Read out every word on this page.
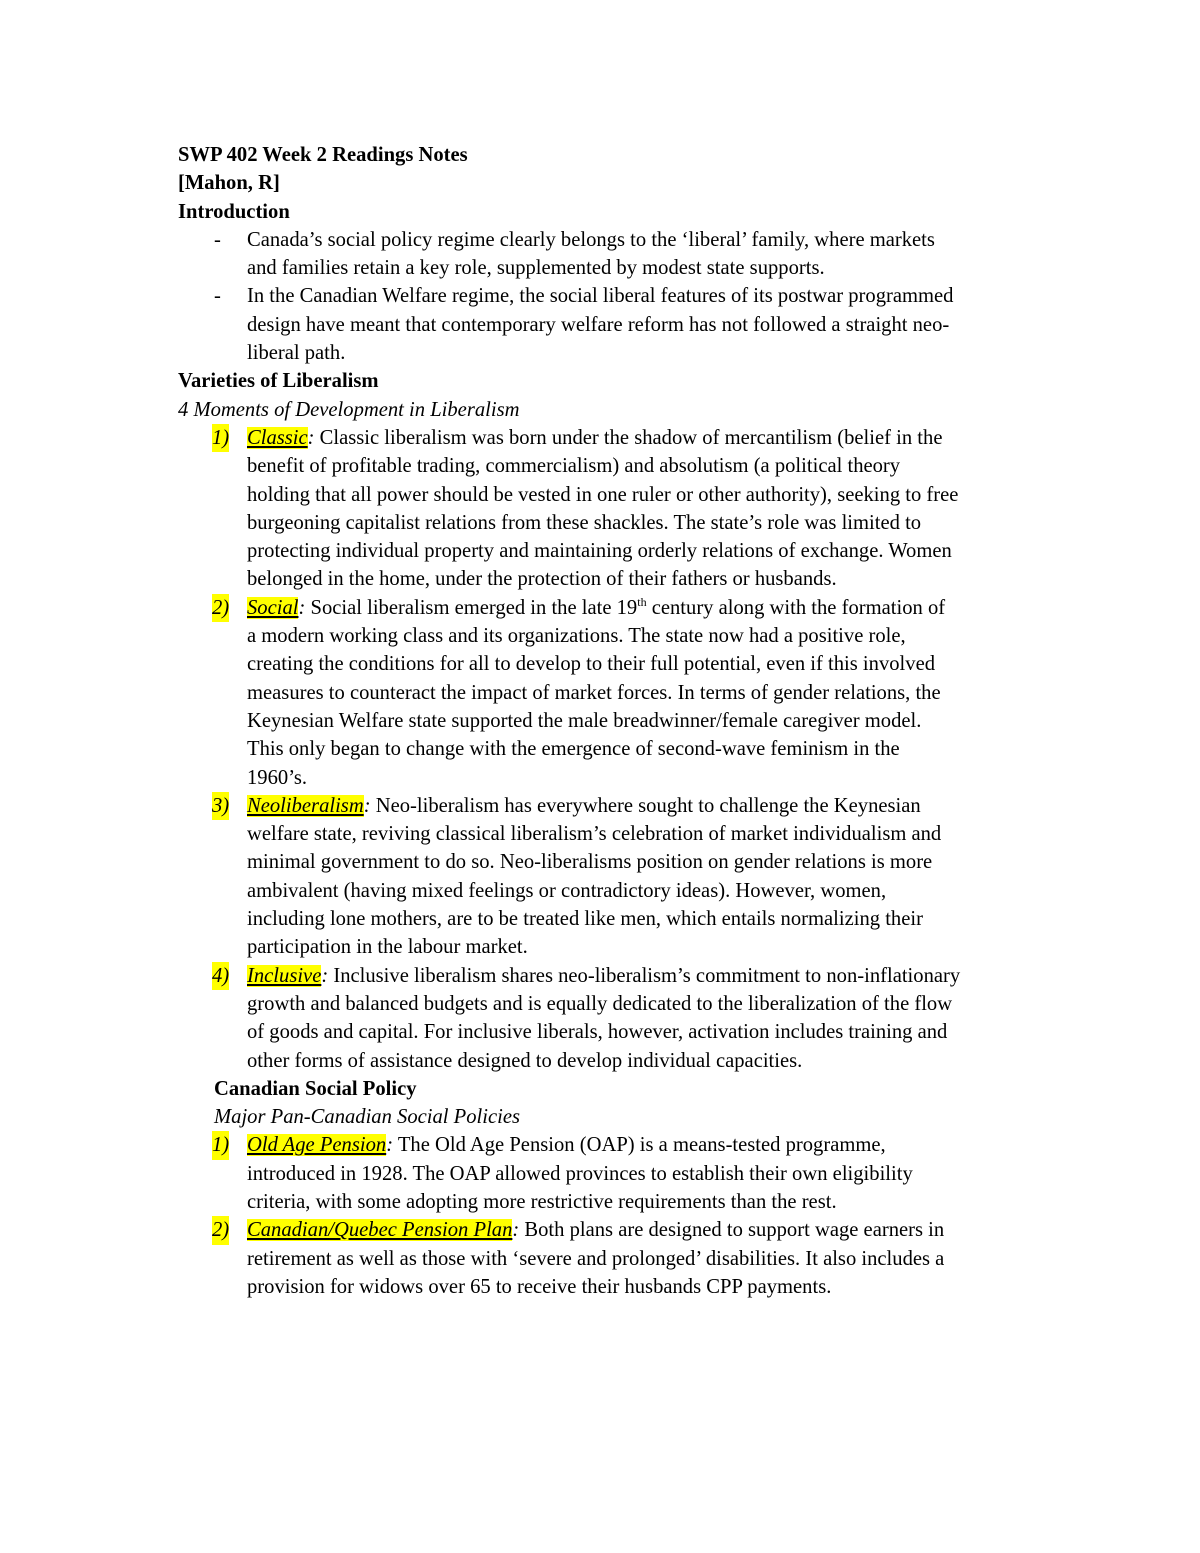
SWP 402 Week 2 Readings Notes
[Mahon, R]
Introduction
- Canada’s social policy regime clearly belongs to the ‘liberal’ family, where markets
and families retain a key role, supplemented by modest state supports.
- In the Canadian Welfare regime, the social liberal features of its postwar programmed
design have meant that contemporary welfare reform has not followed a straight neo-
liberal path.
Varieties of Liberalism
4 Moments of Development in Liberalism
1) Classic: Classic liberalism was born under the shadow of mercantilism (belief in the
benefit of profitable trading, commercialism) and absolutism (a political theory
holding that all power should be vested in one ruler or other authority), seeking to free
burgeoning capitalist relations from these shackles. The state’s role was limited to
protecting individual property and maintaining orderly relations of exchange. Women
belonged in the home, under the protection of their fathers or husbands.
2) Social: Social liberalism emerged in the late 19th century along with the formation of
a modern working class and its organizations. The state now had a positive role,
creating the conditions for all to develop to their full potential, even if this involved
measures to counteract the impact of market forces. In terms of gender relations, the
Keynesian Welfare state supported the male breadwinner/female caregiver model.
This only began to change with the emergence of second-wave feminism in the
1960’s.
3) Neoliberalism: Neo-liberalism has everywhere sought to challenge the Keynesian
welfare state, reviving classical liberalism’s celebration of market individualism and
minimal government to do so. Neo-liberalisms position on gender relations is more
ambivalent (having mixed feelings or contradictory ideas). However, women,
including lone mothers, are to be treated like men, which entails normalizing their
participation in the labour market.
4) Inclusive: Inclusive liberalism shares neo-liberalism’s commitment to non-inflationary
growth and balanced budgets and is equally dedicated to the liberalization of the flow
of goods and capital. For inclusive liberals, however, activation includes training and
other forms of assistance designed to develop individual capacities.
Canadian Social Policy
Major Pan-Canadian Social Policies
1) Old Age Pension: The Old Age Pension (OAP) is a means-tested programme,
introduced in 1928. The OAP allowed provinces to establish their own eligibility
criteria, with some adopting more restrictive requirements than the rest.
2) Canadian/Quebec Pension Plan: Both plans are designed to support wage earners in
retirement as well as those with ‘severe and prolonged’ disabilities. It also includes a
provision for widows over 65 to receive their husbands CPP payments.
